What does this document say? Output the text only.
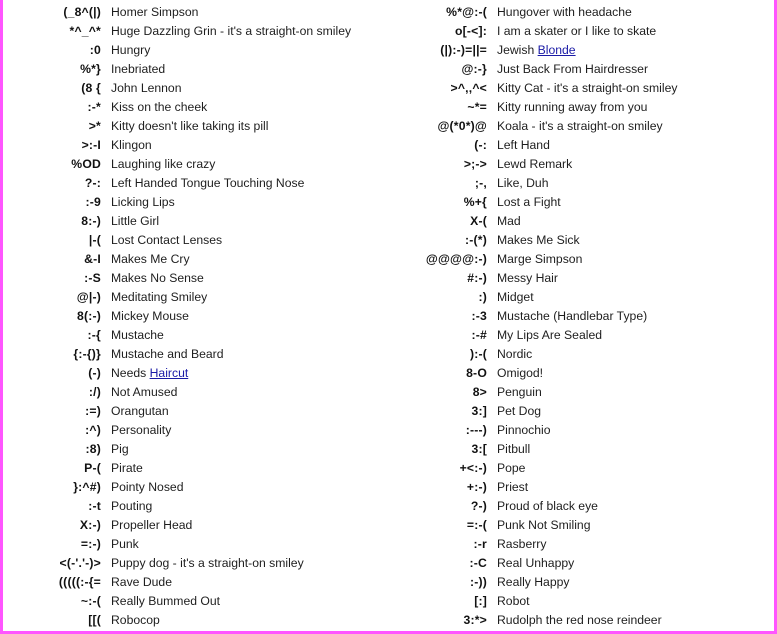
(_8^(|) Homer Simpson
*^_^* Huge Dazzling Grin - it's a straight-on smiley
:0 Hungry
%*} Inebriated
(8 { John Lennon
:-* Kiss on the cheek
>* Kitty doesn't like taking its pill
>:-I Klingon
%OD Laughing like crazy
?-: Left Handed Tongue Touching Nose
:-9 Licking Lips
8:-) Little Girl
|-( Lost Contact Lenses
&-I Makes Me Cry
:-S Makes No Sense
@|-) Meditating Smiley
8(:-) Mickey Mouse
:-{ Mustache
{:-{)} Mustache and Beard
(-) Needs Haircut
:/) Not Amused
:=) Orangutan
:^) Personality
:8) Pig
P-( Pirate
}:^#) Pointy Nosed
:-t Pouting
X:-) Propeller Head
=:-) Punk
<(-'.'-)> Puppy dog - it's a straight-on smiley
(((((:-{= Rave Dude
~:-( Really Bummed Out
[[( Robocop
%*@:-( Hungover with headache
o[-<]: I am a skater or I like to skate
(|):-)=||= Jewish Blonde
@:-} Just Back From Hairdresser
>^,,^< Kitty Cat - it's a straight-on smiley
~*= Kitty running away from you
@(*0*)@ Koala - it's a straight-on smiley
(-: Left Hand
>;-> Lewd Remark
;-, Like, Duh
%+{ Lost a Fight
X-( Mad
:-(*) Makes Me Sick
@@@@:-) Marge Simpson
#:-) Messy Hair
:) Midget
:-3 Mustache (Handlebar Type)
:-# My Lips Are Sealed
):-( Nordic
8-O Omigod!
8> Penguin
3:] Pet Dog
:---) Pinnochio
3:[ Pitbull
+<:-) Pope
+:-) Priest
?-) Proud of black eye
=:-( Punk Not Smiling
:-r Rasberry
:-C Real Unhappy
:-)) Really Happy
[:] Robot
3:*> Rudolph the red nose reindeer
